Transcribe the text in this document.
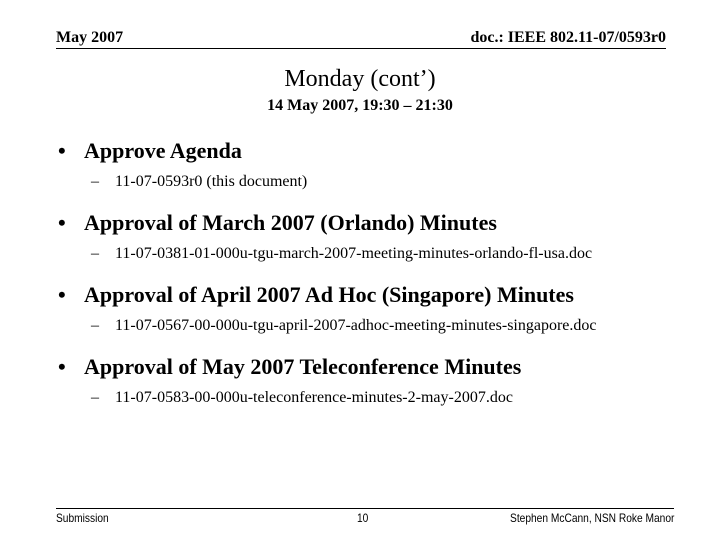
May 2007	doc.: IEEE 802.11-07/0593r0
Monday (cont’)
14 May 2007, 19:30 – 21:30
• Approve Agenda
– 11-07-0593r0 (this document)
• Approval of March 2007 (Orlando) Minutes
– 11-07-0381-01-000u-tgu-march-2007-meeting-minutes-orlando-fl-usa.doc
• Approval of April 2007 Ad Hoc (Singapore) Minutes
– 11-07-0567-00-000u-tgu-april-2007-adhoc-meeting-minutes-singapore.doc
• Approval of May 2007 Teleconference Minutes
– 11-07-0583-00-000u-teleconference-minutes-2-may-2007.doc
Submission	10	Stephen McCann, NSN Roke Manor
